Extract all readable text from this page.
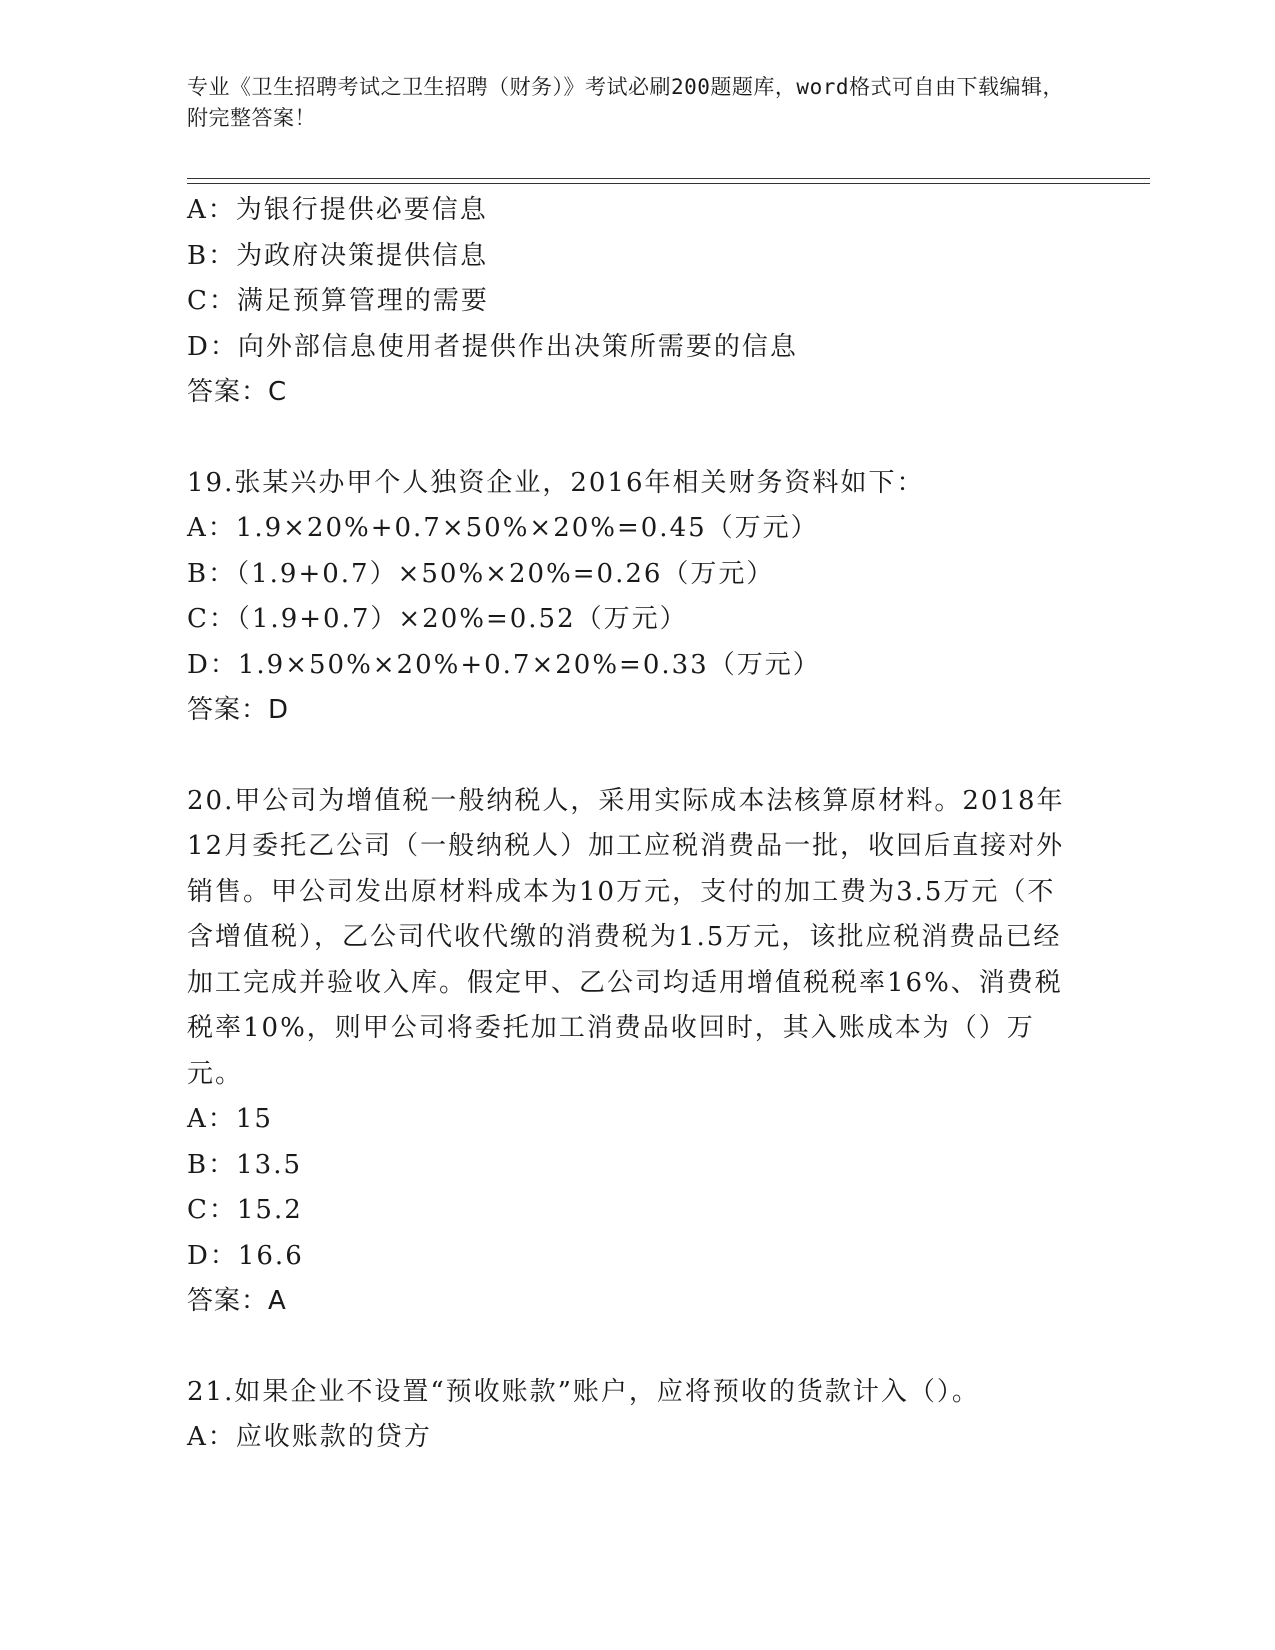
专业《卫生招聘考试之卫生招聘（财务）》考试必刷200题题库，word格式可自由下载编辑，附完整答案！
A：为银行提供必要信息
B：为政府决策提供信息
C：满足预算管理的需要
D：向外部信息使用者提供作出决策所需要的信息
答案：C
19.张某兴办甲个人独资企业，2016年相关财务资料如下：
A：1.9×20%+0.7×50%×20%=0.45（万元）
B：（1.9+0.7）×50%×20%=0.26（万元）
C：（1.9+0.7）×20%=0.52（万元）
D：1.9×50%×20%+0.7×20%=0.33（万元）
答案：D
20.甲公司为增值税一般纳税人，采用实际成本法核算原材料。2018年12月委托乙公司（一般纳税人）加工应税消费品一批，收回后直接对外销售。甲公司发出原材料成本为10万元，支付的加工费为3.5万元（不含增值税），乙公司代收代缴的消费税为1.5万元，该批应税消费品已经加工完成并验收入库。假定甲、乙公司均适用增值税税率16%、消费税税率10%，则甲公司将委托加工消费品收回时，其入账成本为（）万元。
A：15
B：13.5
C：15.2
D：16.6
答案：A
21.如果企业不设置“预收账款”账户，应将预收的货款计入（）。
A：应收账款的贷方
